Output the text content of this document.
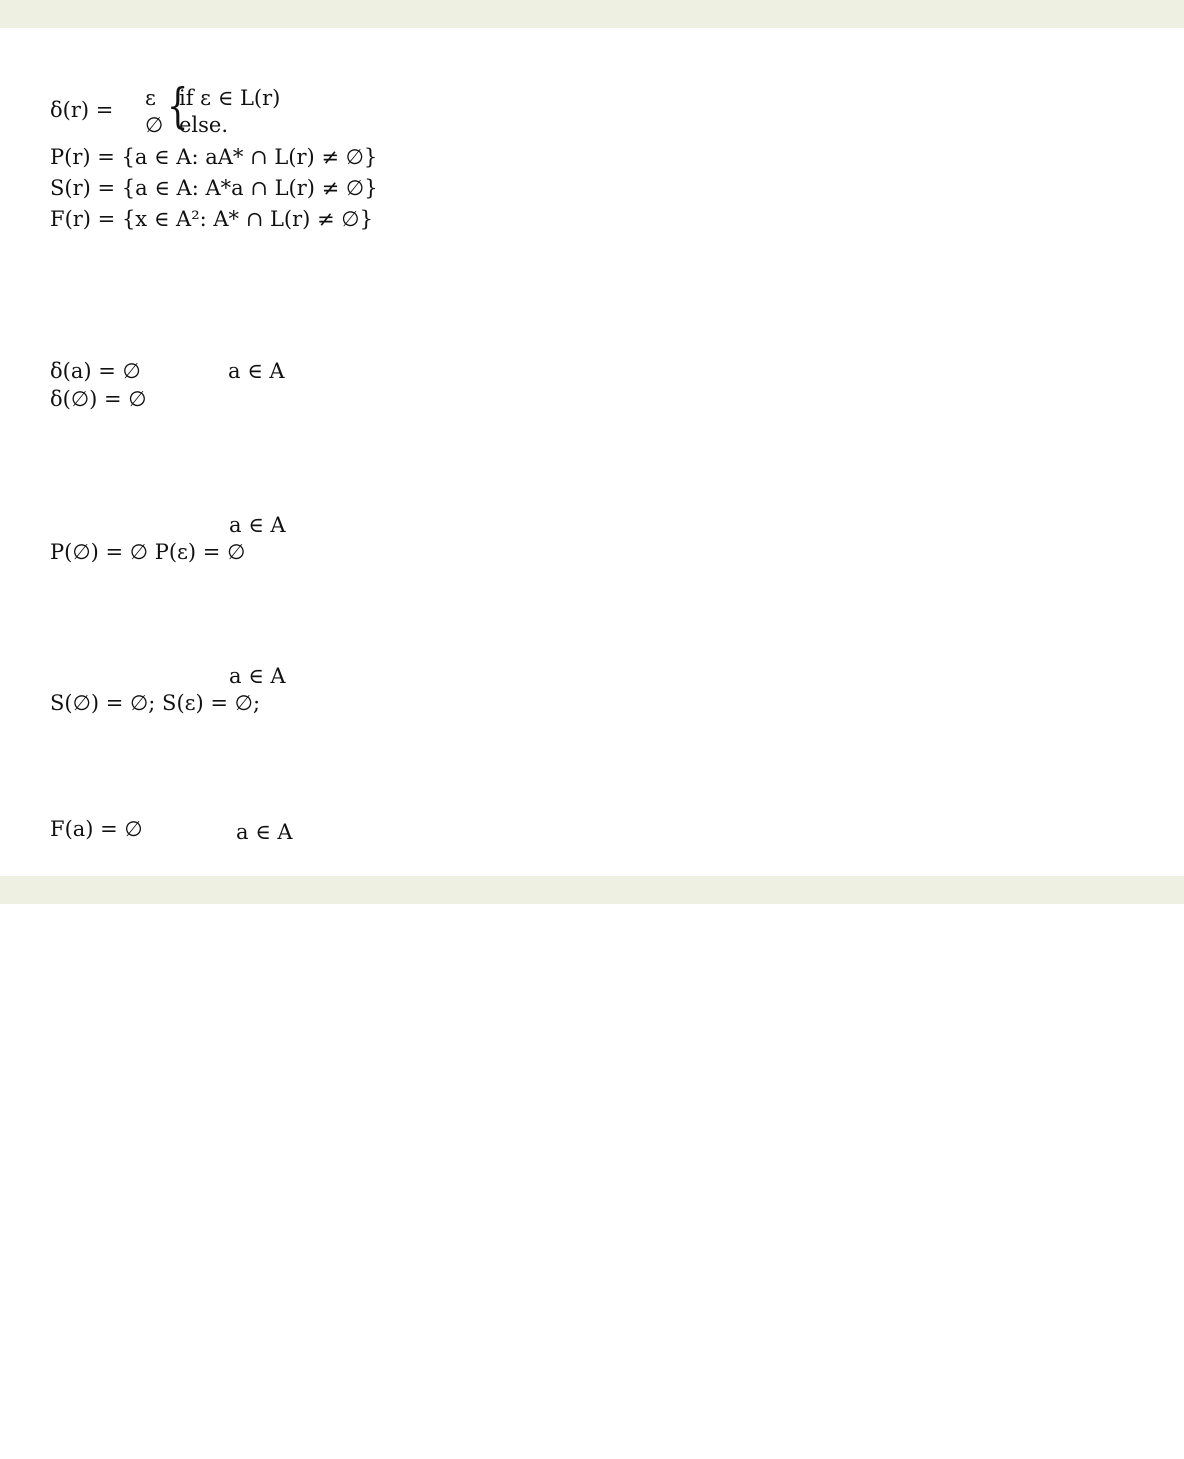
δ(r) = {
ε if ε ∈ L(r)
∅ else.
P(r) = {a ∈ A: aA* ∩ L(r) ≠ ∅}
S(r) = {a ∈ A: A*a ∩ L(r) ≠ ∅}
F(r) = {x ∈ A²: A* ∩ L(r) ≠ ∅}
δ(a) = ∅	a ∈ A
δ(∅) = ∅
a ∈ A
P(∅) = ∅ P(ε) = ∅
a ∈ A
S(∅) = ∅; S(ε) = ∅;
F(a) = ∅	a ∈ A
